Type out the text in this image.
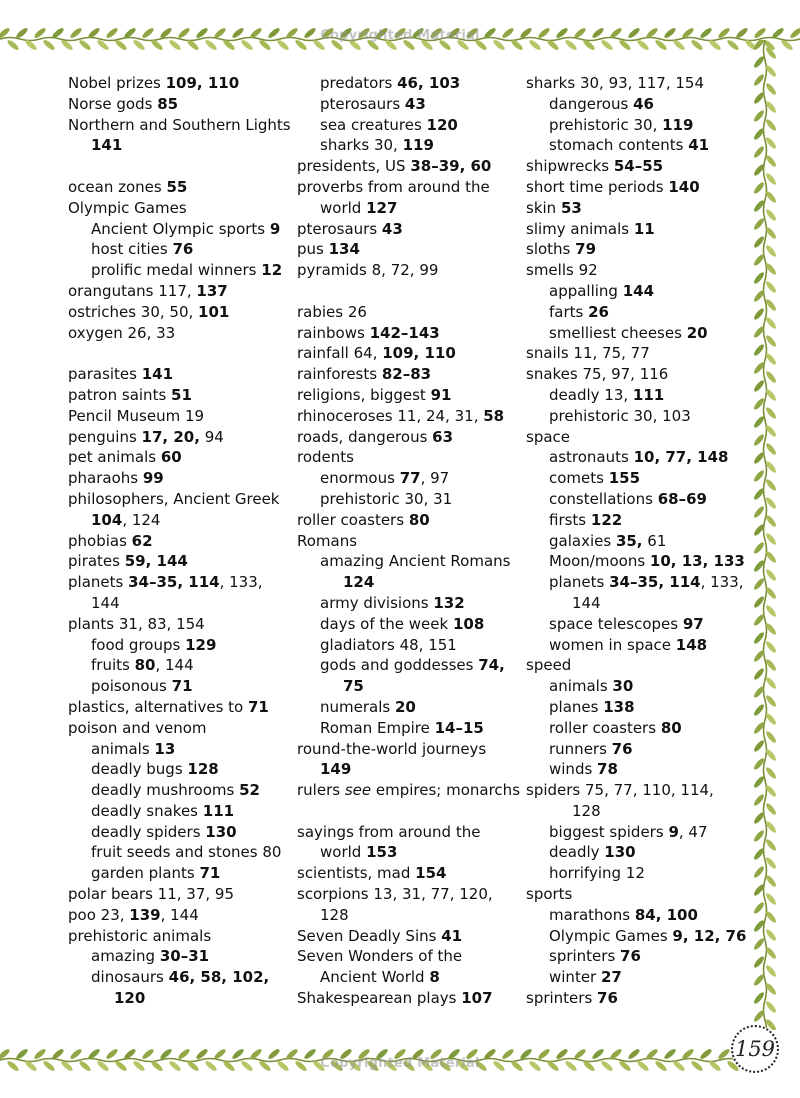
Copyrighted Material
Copyrighted Material
Nobel prizes 109, 110
Norse gods 85
Northern and Southern Lights
141
ocean zones 55
Olympic Games
Ancient Olympic sports 9
host cities 76
prolific medal winners 12
orangutans 117, 137
ostriches 30, 50, 101
oxygen 26, 33
parasites 141
patron saints 51
Pencil Museum 19
penguins 17, 20, 94
pet animals 60
pharaohs 99
philosophers, Ancient Greek
104, 124
phobias 62
pirates 59, 144
planets 34–35, 114, 133,
144
plants 31, 83, 154
food groups 129
fruits 80, 144
poisonous 71
plastics, alternatives to 71
poison and venom
animals 13
deadly bugs 128
deadly mushrooms 52
deadly snakes 111
deadly spiders 130
fruit seeds and stones 80
garden plants 71
polar bears 11, 37, 95
poo 23, 139, 144
prehistoric animals
amazing 30–31
dinosaurs 46, 58, 102,
120
predators 46, 103
pterosaurs 43
sea creatures 120
sharks 30, 119
presidents, US 38–39, 60
proverbs from around the
world 127
pterosaurs 43
pus 134
pyramids 8, 72, 99
rabies 26
rainbows 142–143
rainfall 64, 109, 110
rainforests 82–83
religions, biggest 91
rhinoceroses 11, 24, 31, 58
roads, dangerous 63
rodents
enormous 77, 97
prehistoric 30, 31
roller coasters 80
Romans
amazing Ancient Romans
124
army divisions 132
days of the week 108
gladiators 48, 151
gods and goddesses 74,
75
numerals 20
Roman Empire 14–15
round-the-world journeys
149
rulers see empires; monarchs
sayings from around the
world 153
scientists, mad 154
scorpions 13, 31, 77, 120,
128
Seven Deadly Sins 41
Seven Wonders of the
Ancient World 8
Shakespearean plays 107
sharks 30, 93, 117, 154
dangerous 46
prehistoric 30, 119
stomach contents 41
shipwrecks 54–55
short time periods 140
skin 53
slimy animals 11
sloths 79
smells 92
appalling 144
farts 26
smelliest cheeses 20
snails 11, 75, 77
snakes 75, 97, 116
deadly 13, 111
prehistoric 30, 103
space
astronauts 10, 77, 148
comets 155
constellations 68–69
firsts 122
galaxies 35, 61
Moon/moons 10, 13, 133
planets 34–35, 114, 133,
144
space telescopes 97
women in space 148
speed
animals 30
planes 138
roller coasters 80
runners 76
winds 78
spiders 75, 77, 110, 114,
128
biggest spiders 9, 47
deadly 130
horrifying 12
sports
marathons 84, 100
Olympic Games 9, 12, 76
sprinters 76
winter 27
sprinters 76
159
